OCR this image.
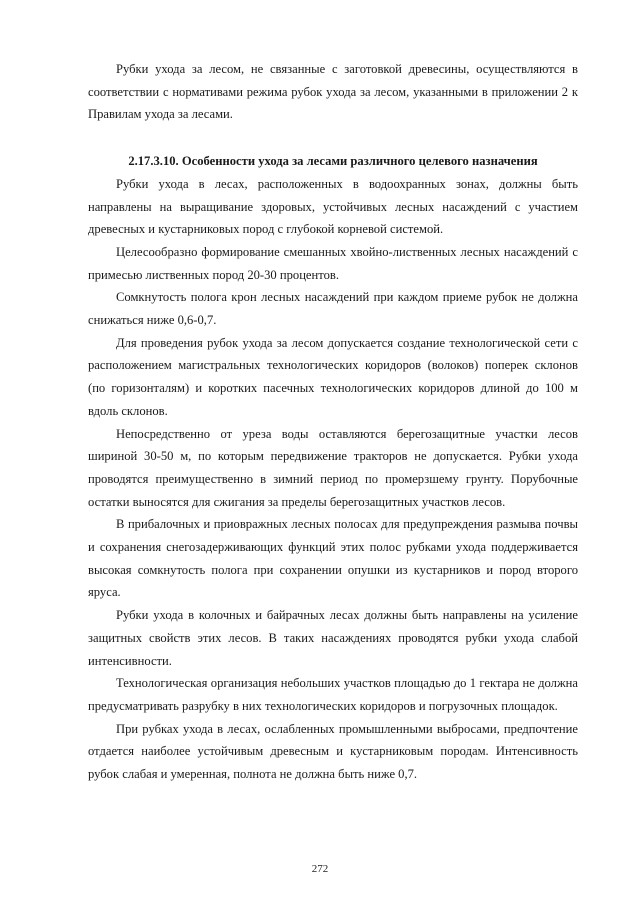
Рубки ухода за лесом, не связанные с заготовкой древесины, осуществляются в соответствии с нормативами режима рубок ухода за лесом, указанными в приложении 2 к Правилам ухода за лесами.

2.17.3.10. Особенности ухода за лесами различного целевого назначения

Рубки ухода в лесах, расположенных в водоохранных зонах, должны быть направлены на выращивание здоровых, устойчивых лесных насаждений с участием древесных и кустарниковых пород с глубокой корневой системой.

Целесообразно формирование смешанных хвойно-лиственных лесных насаждений с примесью лиственных пород 20-30 процентов.

Сомкнутость полога крон лесных насаждений при каждом приеме рубок не должна снижаться ниже 0,6-0,7.

Для проведения рубок ухода за лесом допускается создание технологической сети с расположением магистральных технологических коридоров (волоков) поперек склонов (по горизонталям) и коротких пасечных технологических коридоров длиной до 100 м вдоль склонов.

Непосредственно от уреза воды оставляются берегозащитные участки лесов шириной 30-50 м, по которым передвижение тракторов не допускается. Рубки ухода проводятся преимущественно в зимний период по промерзшему грунту. Порубочные остатки выносятся для сжигания за пределы берегозащитных участков лесов.

В прибалочных и приовражных лесных полосах для предупреждения размыва почвы и сохранения снегозадерживающих функций этих полос рубками ухода поддерживается высокая сомкнутость полога при сохранении опушки из кустарников и пород второго яруса.

Рубки ухода в колочных и байрачных лесах должны быть направлены на усиление защитных свойств этих лесов. В таких насаждениях проводятся рубки ухода слабой интенсивности.

Технологическая организация небольших участков площадью до 1 гектара не должна предусматривать разрубку в них технологических коридоров и погрузочных площадок.

При рубках ухода в лесах, ослабленных промышленными выбросами, предпочтение отдается наиболее устойчивым древесным и кустарниковым породам. Интенсивность рубок слабая и умеренная, полнота не должна быть ниже 0,7.

272
